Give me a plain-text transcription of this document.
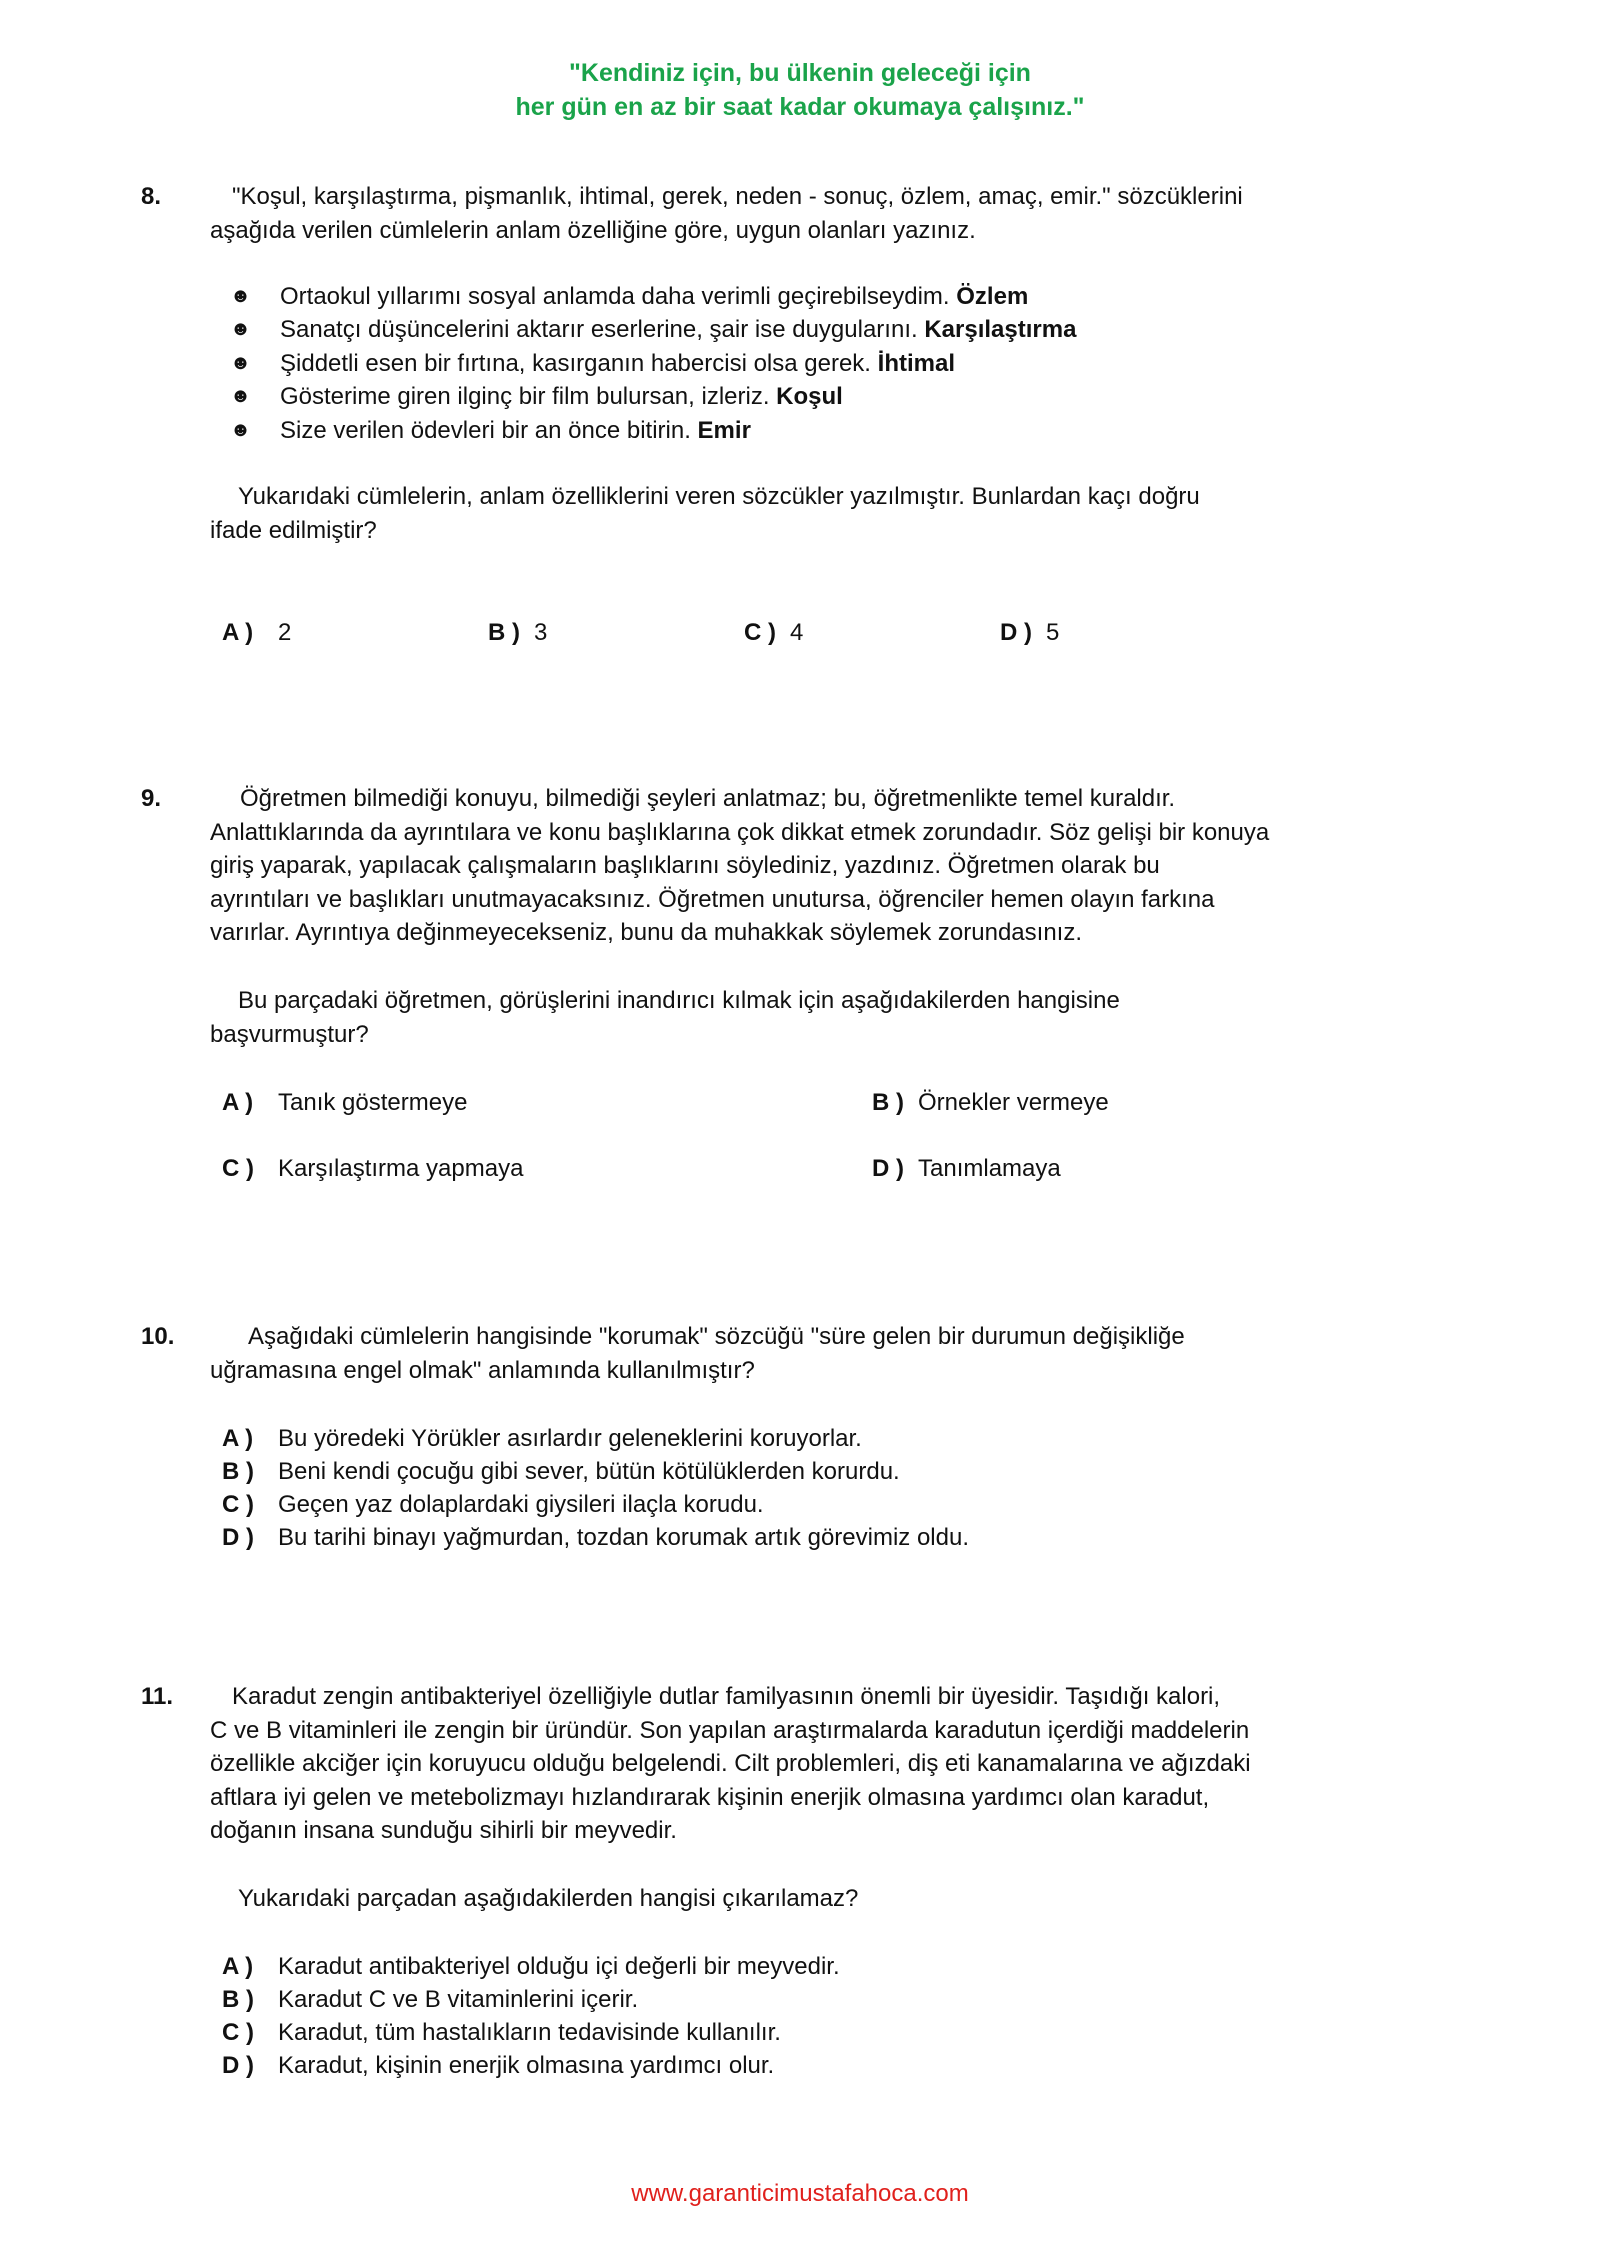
"Kendiniz için, bu ülkenin geleceği için
her gün en az bir saat kadar okumaya çalışınız."
8.	"Koşul, karşılaştırma, pişmanlık, ihtimal, gerek, neden - sonuç, özlem, amaç, emir." sözcüklerini
aşağıda verilen cümlelerin anlam özelliğine göre, uygun olanları yazınız.
☻	Ortaokul yıllarımı sosyal anlamda daha verimli geçirebilseydim.
Özlem
☻	Sanatçı düşüncelerini aktarır eserlerine, şair ise duygularını.
Karşılaştırma
☻	Şiddetli esen bir fırtına, kasırganın habercisi olsa gerek.
İhtimal
☻	Gösterime giren ilginç bir film bulursan, izleriz.
Koşul
☻	Size verilen ödevleri bir an önce bitirin.
Emir
Yukarıdaki cümlelerin, anlam özelliklerini veren sözcükler yazılmıştır. Bunlardan kaçı doğru
ifade edilmiştir?
A ) 2	B ) 3	C ) 4	D ) 5
9.	Öğretmen bilmediği konuyu, bilmediği şeyleri anlatmaz; bu, öğretmenlikte temel kuraldır.
Anlattıklarında da ayrıntılara ve konu başlıklarına çok dikkat etmek zorundadır. Söz gelişi bir konuya
giriş yaparak, yapılacak çalışmaların başlıklarını söylediniz, yazdınız. Öğretmen olarak bu
ayrıntıları ve başlıkları unutmayacaksınız. Öğretmen unutursa, öğrenciler hemen olayın farkına
varırlar. Ayrıntıya değinmeyecekseniz, bunu da muhakkak söylemek zorundasınız.
Bu parçadaki öğretmen, görüşlerini inandırıcı kılmak için aşağıdakilerden hangisine
başvurmuştur?
A ) Tanık göstermeye	B ) Örnekler vermeye
C ) Karşılaştırma yapmaya	D ) Tanımlamaya
10.	Aşağıdaki cümlelerin hangisinde "korumak" sözcüğü "süre gelen bir durumun değişikliğe
uğramasına engel olmak" anlamında kullanılmıştır?
A ) Bu yöredeki Yörükler asırlardır geleneklerini koruyorlar.
B ) Beni kendi çocuğu gibi sever, bütün kötülüklerden korurdu.
C ) Geçen yaz dolaplardaki giysileri ilaçla korudu.
D ) Bu tarihi binayı yağmurdan, tozdan korumak artık görevimiz oldu.
11.	Karadut zengin antibakteriyel özelliğiyle dutlar familyasının önemli bir üyesidir. Taşıdığı kalori,
C ve B vitaminleri ile zengin bir üründür. Son yapılan araştırmalarda karadutun içerdiği maddelerin
özellikle akciğer için koruyucu olduğu belgelendi. Cilt problemleri, diş eti kanamalarına ve ağızdaki
aftlara iyi gelen ve metebolizmayı hızlandırarak kişinin enerjik olmasına yardımcı olan karadut,
doğanın insana sunduğu sihirli bir meyvedir.
Yukarıdaki parçadan aşağıdakilerden hangisi çıkarılamaz?
A ) Karadut antibakteriyel olduğu içi değerli bir meyvedir.
B ) Karadut C ve B vitaminlerini içerir.
C ) Karadut, tüm hastalıkların tedavisinde kullanılır.
D ) Karadut, kişinin enerjik olmasına yardımcı olur.
www.garanticimustafahoca.com
